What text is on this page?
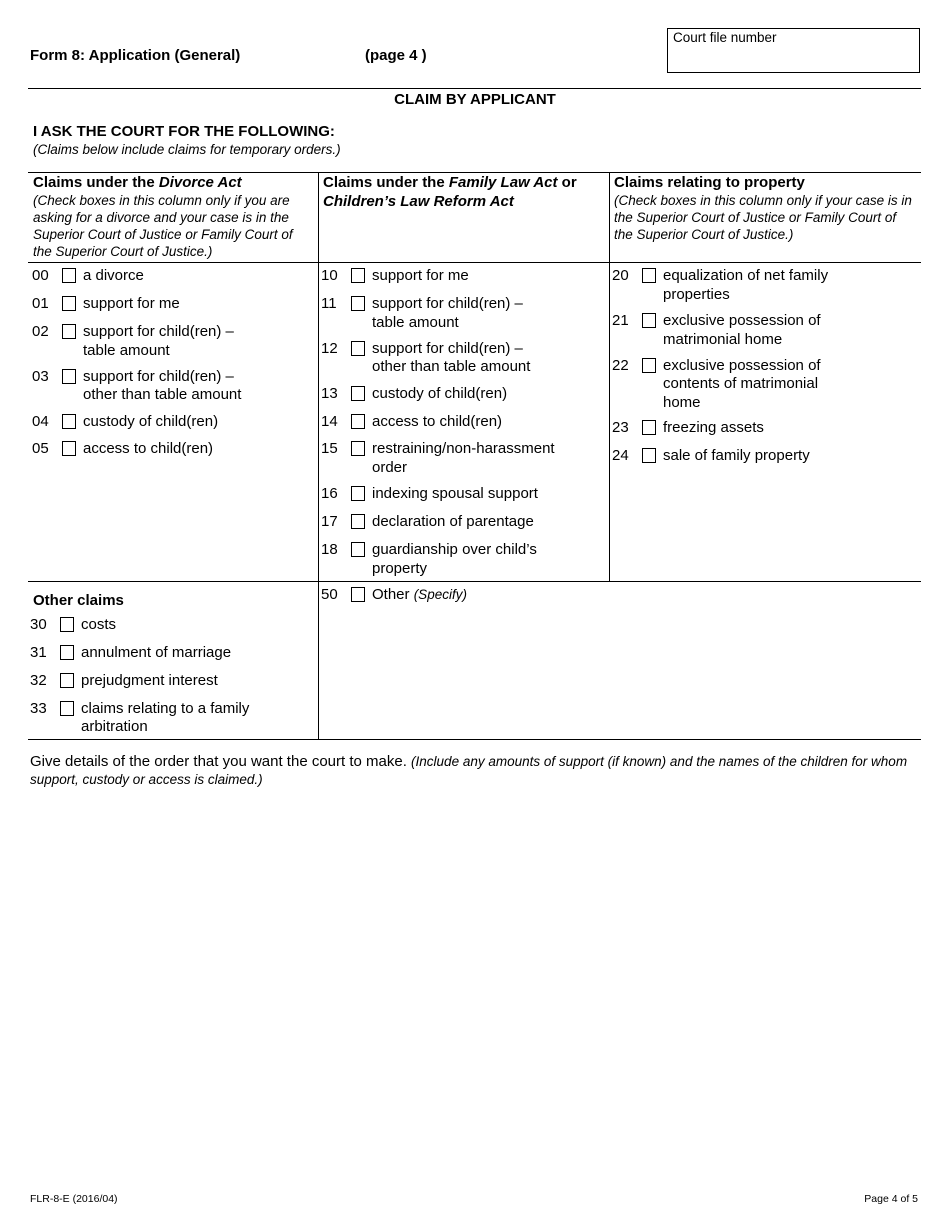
Form 8: Application (General)	(page 4 )
Court file number
CLAIM BY APPLICANT
I ASK THE COURT FOR THE FOLLOWING:
(Claims below include claims for temporary orders.)
Claims under the Divorce Act
(Check boxes in this column only if you are asking for a divorce and your case is in the Superior Court of Justice or Family Court of the Superior Court of Justice.)
Claims under the Family Law Act or Children’s Law Reform Act
Claims relating to property
(Check boxes in this column only if your case is in the Superior Court of Justice or Family Court of the Superior Court of Justice.)
00 a divorce
01 support for me
02 support for child(ren) –
table amount
03 support for child(ren) –
other than table amount
04 custody of child(ren)
05 access to child(ren)
10 support for me
11 support for child(ren) –
table amount
12 support for child(ren) –
other than table amount
13 custody of child(ren)
14 access to child(ren)
15 restraining/non-harassment
order
16 indexing spousal support
17 declaration of parentage
18 guardianship over child’s
property
20 equalization of net family
properties
21 exclusive possession of
matrimonial home
22 exclusive possession of
contents of matrimonial
home
23 freezing assets
24 sale of family property
Other claims
30 costs
31 annulment of marriage
32 prejudgment interest
33 claims relating to a family
arbitration
50 Other (Specify)
Give details of the order that you want the court to make. (Include any amounts of support (if known) and the names of the children for whom support, custody or access is claimed.)
FLR-8-E (2016/04)	Page 4 of 5
